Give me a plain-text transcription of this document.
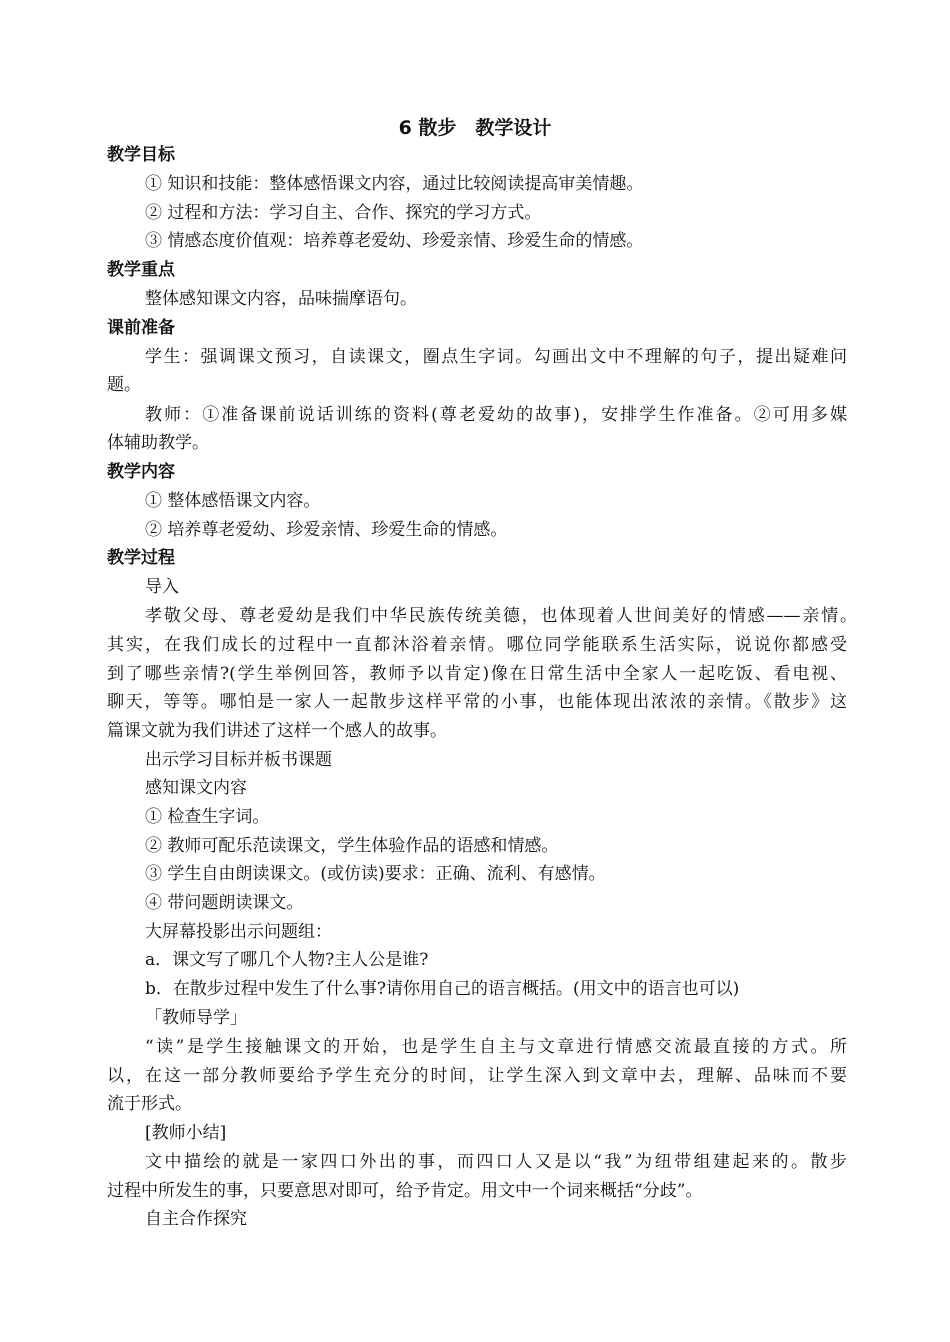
6 散步　教学设计
教学目标
① 知识和技能：整体感悟课文内容，通过比较阅读提高审美情趣。
② 过程和方法：学习自主、合作、探究的学习方式。
③ 情感态度价值观：培养尊老爱幼、珍爱亲情、珍爱生命的情感。
教学重点
整体感知课文内容，品味揣摩语句。
课前准备
学生：强调课文预习，自读课文，圈点生字词。勾画出文中不理解的句子，提出疑难问
题。
教师：①准备课前说话训练的资料(尊老爱幼的故事)，安排学生作准备。②可用多媒
体辅助教学。
教学内容
① 整体感悟课文内容。
② 培养尊老爱幼、珍爱亲情、珍爱生命的情感。
教学过程
导入
孝敬父母、尊老爱幼是我们中华民族传统美德，也体现着人世间美好的情感——亲情。
其实，在我们成长的过程中一直都沐浴着亲情。哪位同学能联系生活实际，说说你都感受
到了哪些亲情?(学生举例回答，教师予以肯定)像在日常生活中全家人一起吃饭、看电视、
聊天，等等。哪怕是一家人一起散步这样平常的小事，也能体现出浓浓的亲情。《散步》这
篇课文就为我们讲述了这样一个感人的故事。
出示学习目标并板书课题
感知课文内容
① 检查生字词。
② 教师可配乐范读课文，学生体验作品的语感和情感。
③ 学生自由朗读课文。(或仿读)要求：正确、流利、有感情。
④ 带问题朗读课文。
大屏幕投影出示问题组：
a．课文写了哪几个人物?主人公是谁?
b．在散步过程中发生了什么事?请你用自己的语言概括。(用文中的语言也可以)
「教师导学」
“读”是学生接触课文的开始，也是学生自主与文章进行情感交流最直接的方式。所
以，在这一部分教师要给予学生充分的时间，让学生深入到文章中去，理解、品味而不要
流于形式。
[教师小结]
文中描绘的就是一家四口外出的事，而四口人又是以“我”为纽带组建起来的。散步
过程中所发生的事，只要意思对即可，给予肯定。用文中一个词来概括“分歧”。
自主合作探究
